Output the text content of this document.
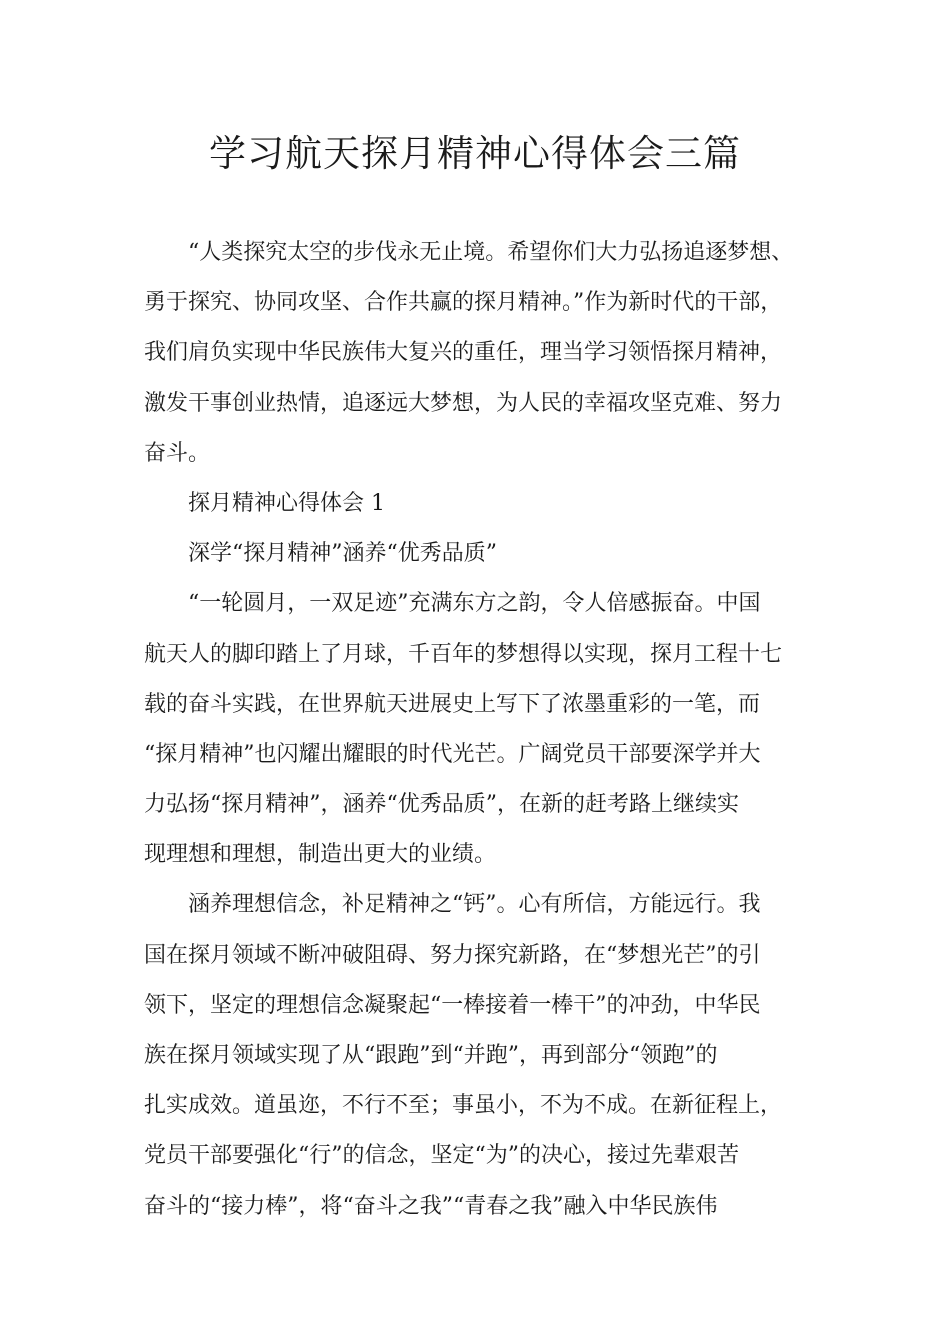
学习航天探月精神心得体会三篇
“人类探究太空的步伐永无止境。希望你们大力弘扬追逐梦想、
勇于探究、协同攻坚、合作共赢的探月精神。”作为新时代的干部，
我们肩负实现中华民族伟大复兴的重任，理当学习领悟探月精神，
激发干事创业热情，追逐远大梦想，为人民的幸福攻坚克难、努力
奋斗。
探月精神心得体会 1
深学“探月精神”涵养“优秀品质”
“一轮圆月，一双足迹”充满东方之韵，令人倍感振奋。中国
航天人的脚印踏上了月球，千百年的梦想得以实现，探月工程十七
载的奋斗实践，在世界航天进展史上写下了浓墨重彩的一笔，而
“探月精神”也闪耀出耀眼的时代光芒。广阔党员干部要深学并大
力弘扬“探月精神”，涵养“优秀品质”，在新的赶考路上继续实
现理想和理想，制造出更大的业绩。
涵养理想信念，补足精神之“钙”。心有所信，方能远行。我
国在探月领域不断冲破阻碍、努力探究新路，在“梦想光芒”的引
领下，坚定的理想信念凝聚起“一棒接着一棒干”的冲劲，中华民
族在探月领域实现了从“跟跑”到“并跑”，再到部分“领跑”的
扎实成效。道虽迩，不行不至；事虽小，不为不成。在新征程上，
党员干部要强化“行”的信念，坚定“为”的决心，接过先辈艰苦
奋斗的“接力棒”，将“奋斗之我”“青春之我”融入中华民族伟
